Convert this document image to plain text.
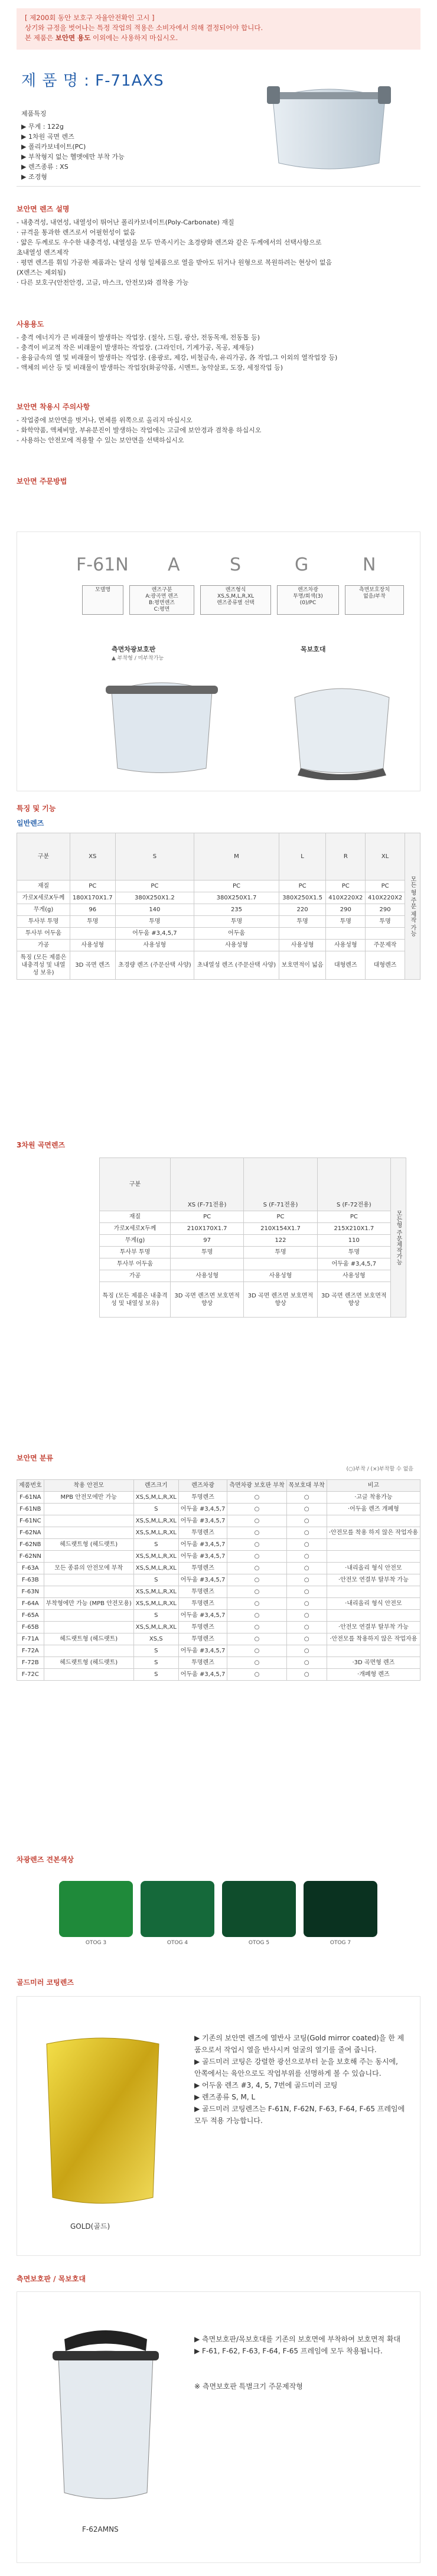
[ 제200회 동안 보호구 자율안전확인 고시 ]
상기와 규정을 벗어나는 특정 작업의 적용은 소비자에서 의해 결정되어야 합니다.
본 제품은 보안면 용도 이외에는 사용하지 마십시오.
제 품 명 : F-71AXS
제품특징
▶ 무게 : 122g
▶ 1차원 곡면 렌즈
▶ 폴리카보네이트(PC)
▶ 부착형지 없는 헬멧에만 부착 가능
▶ 렌즈종류 : XS
▶ 조경형
보안면 렌즈 설명
- 내충격성, 내연성, 내열성이 뛰어난 폴리카보네이트(Poly-Carbonate) 재질
· 규격을 통과한 렌즈로서 어필헌성이 없음
· 얇은 두께로도 우수한 내충격성, 내열성을 모두 만족시키는 초경량화 렌즈와 같은 두께에서의 선택사항으로
초내열성 렌즈제작
· 평면 렌즈를 휘임 가공한 제품과는 달리 성형 일체품으로 열을 받아도 뒤거나 원형으로 복원하려는 현상이 없음
(X렌즈는 제외됨)
· 다른 보호구(안전안경, 고글, 마스크, 안전모)와 겸착용 가능
사용용도
- 충격 에너지가 큰 비래물이 발생하는 작업장. (절삭, 드릴, 광산, 전동목재, 전동톱 등)
- 충격이 비교적 작은 비래물이 발생하는 작업장. (그라인더, 기계가공, 목공, 제재등)
- 용융금속의 열 및 비래물이 발생하는 작업장. (용광로, 제강, 비철금속, 유리가공, 各 작업,그 이외의 열작업장 등)
- 액체의 비산 등 및 비래물이 발생하는 작업장(화공약품, 시멘트, 농약살포, 도장, 세정작업 등)
보안면 착용시 주의사항
- 작업중에 보안면을 벗거나, 면체를 위쪽으로 올리지 마십시오
- 화학약품, 액체비말, 부유분진이 발생하는 작업에는 고글에 보안경과 겸착용 하십시오
- 사용하는 안전모에 적용할 수 있는 보안면을 선택하십시오
보안면 주문방법
F-61N A	S	G	N
모델명	렌즈구분
A:광곡면 렌즈
B:평면렌즈
C:평면
렌즈형식
XS,S,M,L,R,XL
렌즈종류별 선택
렌즈차광
투명/회색(3)
(0)/PC
측면보호장치
없음/부착
측면차광보호판
▲ 부착형 / 미부착가능
목보호대
특징 및 기능
일반렌즈
구분	XS	S	M	L	R	XL	모든 형 주문 제작 가능
재질	PC	PC	PC	PC	PC	PC	
가로X세로X두께	180X170X1.7	380X250X1.2	380X250X1.7	380X250X1.5	410X220X2	410X220X2	
무게(g)	96	140	235	220	290	290	
투사부 투명	투명	투명	투명	투명	투명	투명	
투사부 어두움		어두움 #3,4,5,7	어두움				
가공	사용성형	사용성형	사용성형	사용성형	사용성형	주문제작	
특징 (모든 제품은 내충격성 및 내열성 보유)	3D 곡면 렌즈	초경량 렌즈 (주문산택 사양)	초내열성 렌즈 (주문산택 사양)	보호면적이 넓음	대형렌즈	대형렌즈	
3차원 곡면렌즈
구분	XS (F-71전용)	S (F-71전용)	S (F-72전용)	모든형 주문제작가능
재질	PC	PC	PC	
가로X세로X두께	210X170X1.7	210X154X1.7	215X210X1.7	
무게(g)	97	122	110	
투사부 투명	투명	투명	투명	
투사부 어두움			어두움 #3,4,5,7	
가공	사용성형	사용성형	사용성형	
특징 (모든 제품은 내충격성 및 내열성 보유)	3D 곡면 렌즈면 보호면적 향상	3D 곡면 렌즈면 보호면적 향상	3D 곡면 렌즈면 보호면적 향상	
보안면 분류
(○)부착 / (×)부착할 수 없음
제품번호	착용 안전모	렌즈크기	렌즈차광	측면차광 보호판 부착	목보호대 부착	비고
F-61NA	MPB 안전모에만 가능	XS,S,M,L,R,XL	투명렌즈	○	○	·고글 착용가능
F-61NB		S	어두움 #3,4,5,7	○	○	·어두움 렌즈 개폐형
F-61NC		XS,S,M,L,R,XL	어두움 #3,4,5,7	○	○	
F-62NA		XS,S,M,L,R,XL	투명렌즈	○	○	·안전모를 착용 하지 않은 작업자용
F-62NB	헤드랫트형 (헤드랫트)	S	어두움 #3,4,5,7	○	○	
F-62NN		XS,S,M,L,R,XL	어두움 #3,4,5,7	○	○	
F-63A	모든 종류의 안전모에 부착	XS,S,M,L,R,XL	투명렌즈	○	○	·내리올리 형식 안전모
F-63B		S	어두움 #3,4,5,7	○	○	·안전모 연결부 탈부착 가능
F-63N		XS,S,M,L,R,XL	투명렌즈	○	○	
F-64A	부착형에만 가능 (MPB 안전모용)	XS,S,M,L,R,XL	투명렌즈	○	○	·내리올리 형식 안전모
F-65A		S	어두움 #3,4,5,7	○	○	
F-65B		XS,S,M,L,R,XL	투명렌즈	○	○	·안전모 연결부 탈부착 가능
F-71A	헤드랫트형 (헤드랫트)	XS,S	투명렌즈	○	○	·안전모를 착용하지 않은 작업자용
F-72A		S	어두움 #3,4,5,7	○	○	
F-72B	헤드랫트형 (헤드랫트)	S	투명렌즈	○	○	·3D 곡면형 렌즈
F-72C		S	어두움 #3,4,5,7	○	○	·개폐형 렌즈
차광렌즈 견본색상
OTOG 3	OTOG 4	OTOG 5	OTOG 7
골드미러 코팅렌즈
GOLD(골드)
▶ 기존의 보안면 렌즈에 열반사 코팅(Gold mirror coated)을 한 제품으로서 작업시 열을 반사시켜 얼굴의 열기를 줄여 줍니다.
▶ 골드미러 코팅은 강렬한 광선으로부터 눈을 보호해 주는 동시에, 안쪽에서는 육안으로도 작업부위를 선명하게 볼 수 있습니다.
▶ 어두움 렌즈 #3, 4, 5, 7번에 골드미러 코팅
▶ 렌즈종류 S, M, L
▶ 골드미러 코팅렌즈는 F-61N, F-62N, F-63, F-64, F-65 프레임에 모두 적용 가능합니다.
측면보호판 / 목보호대
F-62AMNS
▶ 측면보호판/목보호대를 기존의 보호면에 부착하여 보호면적 확대
▶ F-61, F-62, F-63, F-64, F-65 프레임에 모두 착용됩니다.
※ 측면보호판 특별크기 주문제작형
